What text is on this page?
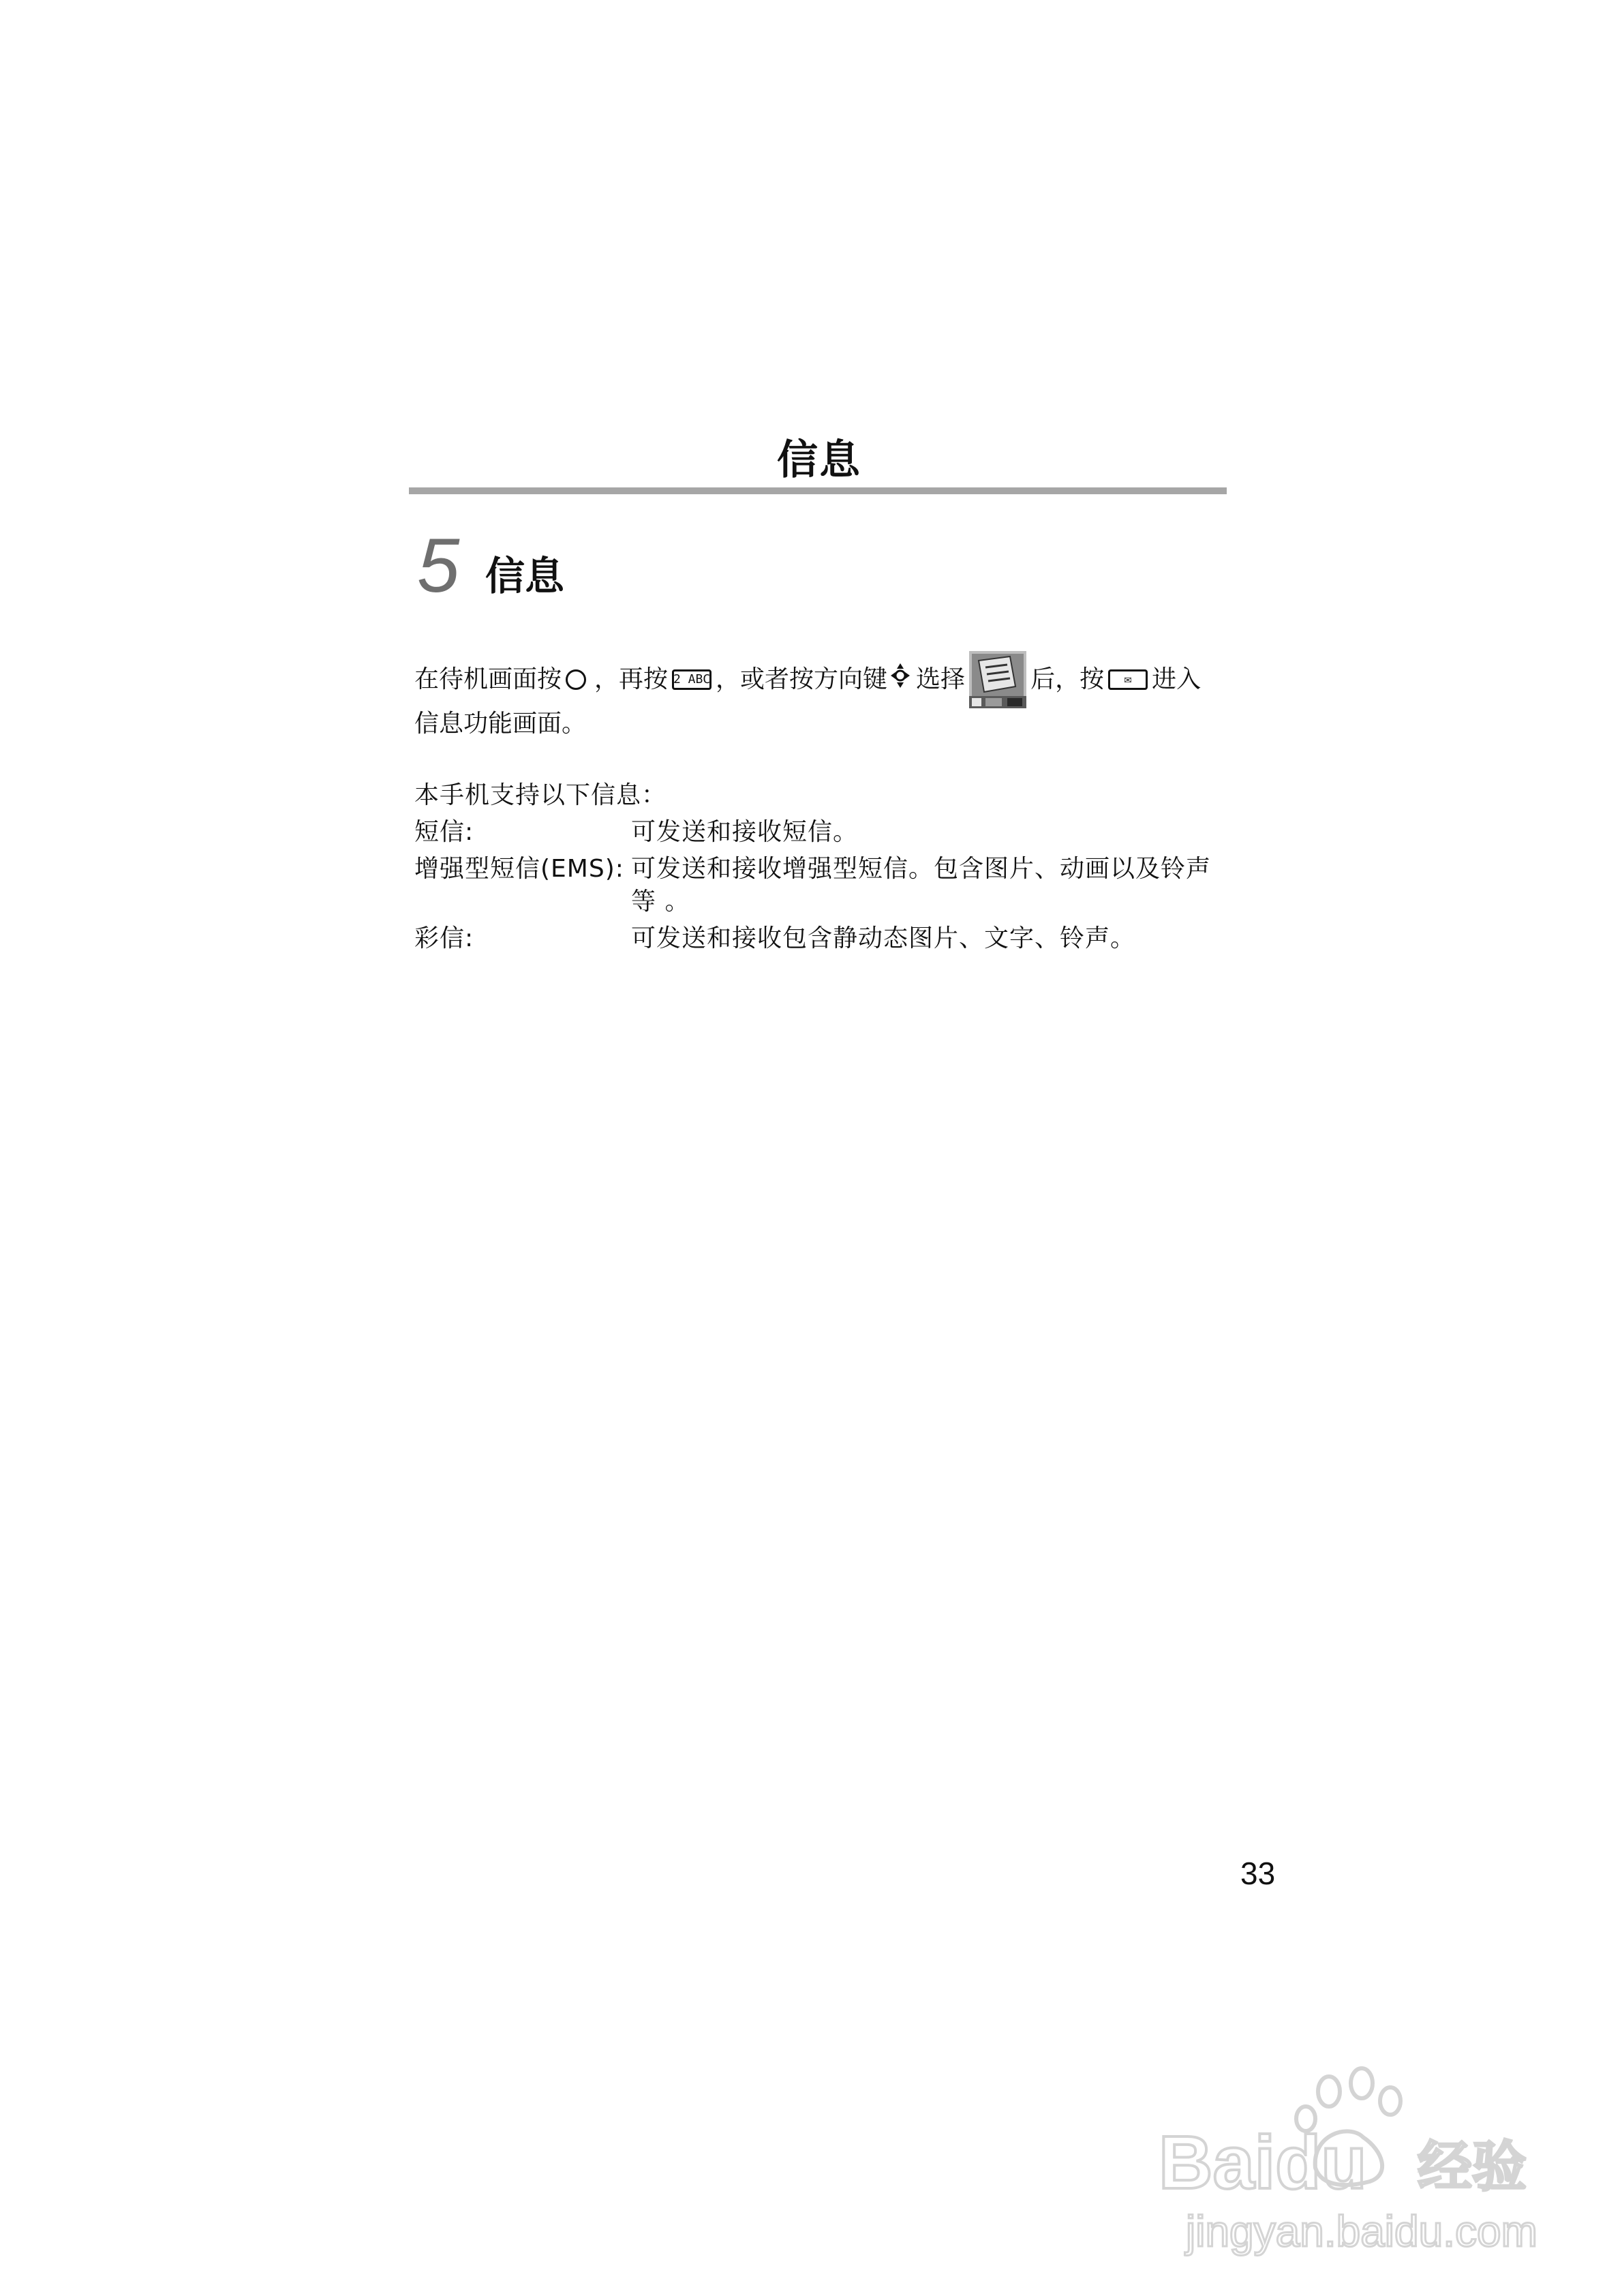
信息
5 信息
在待机画面按 ，再按 2 ABC ，或者按方向键 选择	后，按	✉ 进入
信息功能画面。
本手机支持以下信息：
短信:	可发送和接收短信。
增强型短信(EMS): 可发送和接收增强型短信。包含图片、动画以及铃声
等 。
彩信:	可发送和接收包含静动态图片、文字、铃声。
33
Baidu 经验
jingyan.baidu.com
